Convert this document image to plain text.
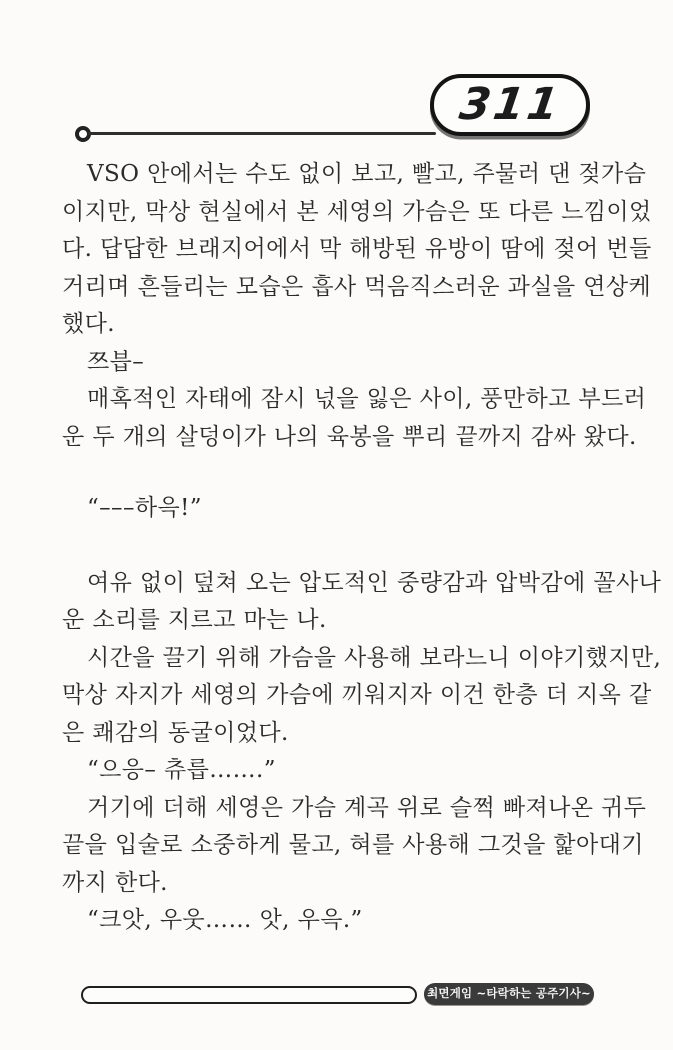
311
VSO 안에서는 수도 없이 보고, 빨고, 주물러 댄 젖가슴
이지만, 막상 현실에서 본 세영의 가슴은 또 다른 느낌이었
다. 답답한 브래지어에서 막 해방된 유방이 땀에 젖어 번들
거리며 흔들리는 모습은 흡사 먹음직스러운 과실을 연상케
했다.
쯔븝–
매혹적인 자태에 잠시 넋을 잃은 사이, 풍만하고 부드러
운 두 개의 살덩이가 나의 육봉을 뿌리 끝까지 감싸 왔다.
“–––하윽!”
여유 없이 덮쳐 오는 압도적인 중량감과 압박감에 꼴사나
운 소리를 지르고 마는 나.
시간을 끌기 위해 가슴을 사용해 보라느니 이야기했지만,
막상 자지가 세영의 가슴에 끼워지자 이건 한층 더 지옥 같
은 쾌감의 동굴이었다.
“으응– 츄릅…….”
거기에 더해 세영은 가슴 계곡 위로 슬쩍 빠져나온 귀두
끝을 입술로 소중하게 물고, 혀를 사용해 그것을 핥아대기
까지 한다.
“크앗, 우웃…… 앗, 우윽.”
최면게임 ~타락하는 공주기사~
